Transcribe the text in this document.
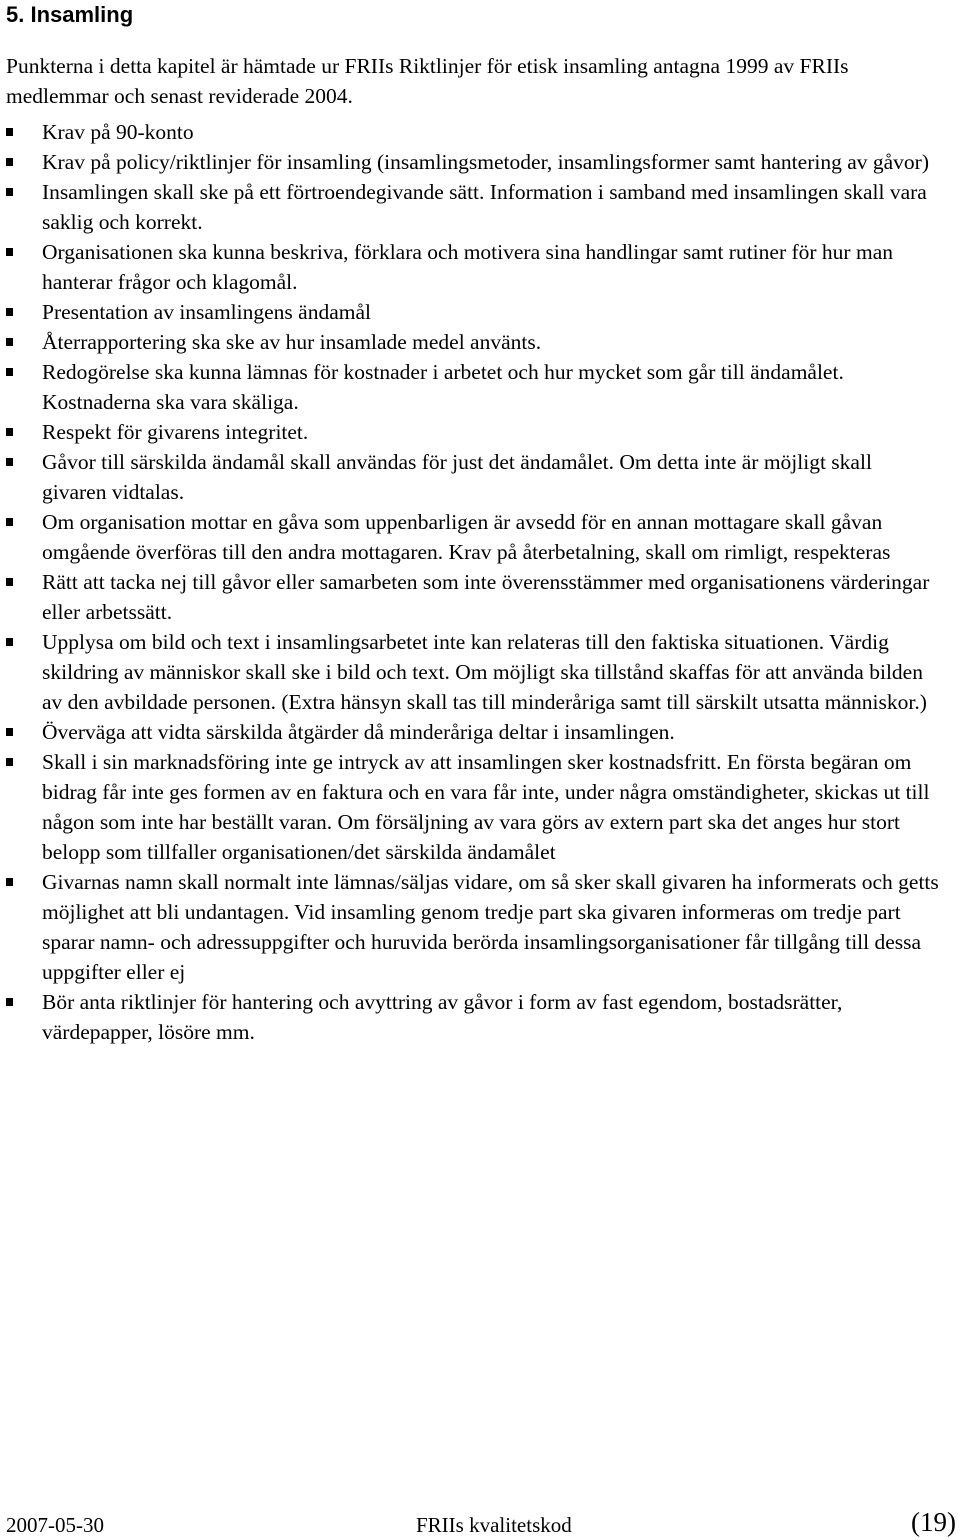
5. Insamling

Punkterna i detta kapitel är hämtade ur FRIIs Riktlinjer för etisk insamling antagna 1999 av FRIIs medlemmar och senast reviderade 2004.

Krav på 90-konto
Krav på policy/riktlinjer för insamling (insamlingsmetoder, insamlingsformer samt hantering av gåvor)
Insamlingen skall ske på ett förtroendegivande sätt. Information i samband med insamlingen skall vara saklig och korrekt.
Organisationen ska kunna beskriva, förklara och motivera sina handlingar samt rutiner för hur man hanterar frågor och klagomål.
Presentation av insamlingens ändamål
Återrapportering ska ske av hur insamlade medel använts.
Redogörelse ska kunna lämnas för kostnader i arbetet och hur mycket som går till ändamålet. Kostnaderna ska vara skäliga.
Respekt för givarens integritet.
Gåvor till särskilda ändamål skall användas för just det ändamålet. Om detta inte är möjligt skall givaren vidtalas.
Om organisation mottar en gåva som uppenbarligen är avsedd för en annan mottagare skall gåvan omgående överföras till den andra mottagaren. Krav på återbetalning, skall om rimligt, respekteras
Rätt att tacka nej till gåvor eller samarbeten som inte överensstämmer med organisationens värderingar eller arbetssätt.
Upplysa om bild och text i insamlingsarbetet inte kan relateras till den faktiska situationen. Värdig skildring av människor skall ske i bild och text. Om möjligt ska tillstånd skaffas för att använda bilden av den avbildade personen. (Extra hänsyn skall tas till minderåriga samt till särskilt utsatta människor.)
Överväga att vidta särskilda åtgärder då minderåriga deltar i insamlingen.
Skall i sin marknadsföring inte ge intryck av att insamlingen sker kostnadsfritt. En första begäran om bidrag får inte ges formen av en faktura och en vara får inte, under några omständigheter, skickas ut till någon som inte har beställt varan. Om försäljning av vara görs av extern part ska det anges hur stort belopp som tillfaller organisationen/det särskilda ändamålet
Givarnas namn skall normalt inte lämnas/säljas vidare, om så sker skall givaren ha informerats och getts möjlighet att bli undantagen. Vid insamling genom tredje part ska givaren informeras om tredje part sparar namn- och adressuppgifter och huruvida berörda insamlingsorganisationer får tillgång till dessa uppgifter eller ej
Bör anta riktlinjer för hantering och avyttring av gåvor i form av fast egendom, bostadsrätter, värdepapper, lösöre mm.
2007-05-30	FRIIs kvalitetskod	(19)
